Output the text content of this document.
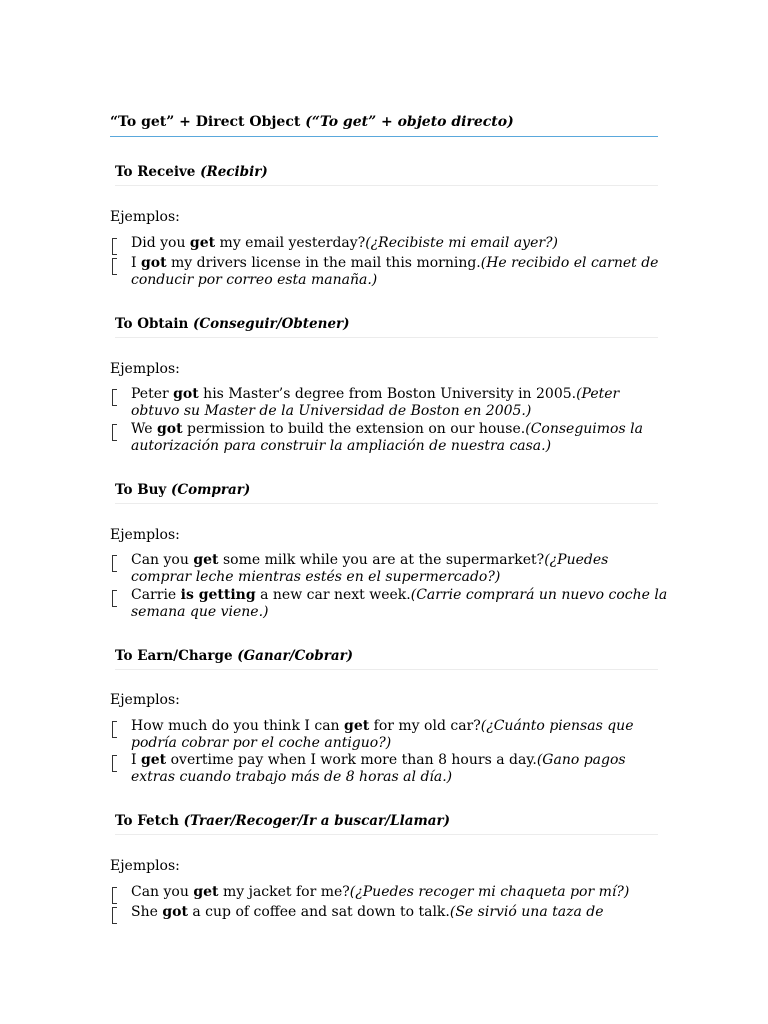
“To get” + Direct Object (“To get” + objeto directo)
To Receive (Recibir)
Ejemplos:
Did you get my email yesterday?(¿Recibiste mi email ayer?)
I got my drivers license in the mail this morning.(He recibido el carnet de conducir por correo esta manaña.)
To Obtain (Conseguir/Obtener)
Ejemplos:
Peter got his Master’s degree from Boston University in 2005.(Peter obtuvo su Master de la Universidad de Boston en 2005.)
We got permission to build the extension on our house.(Conseguimos la autorización para construir la ampliación de nuestra casa.)
To Buy (Comprar)
Ejemplos:
Can you get some milk while you are at the supermarket?(¿Puedes comprar leche mientras estés en el supermercado?)
Carrie is getting a new car next week.(Carrie comprará un nuevo coche la semana que viene.)
To Earn/Charge (Ganar/Cobrar)
Ejemplos:
How much do you think I can get for my old car?(¿Cuánto piensas que podría cobrar por el coche antiguo?)
I get overtime pay when I work more than 8 hours a day.(Gano pagos extras cuando trabajo más de 8 horas al día.)
To Fetch (Traer/Recoger/Ir a buscar/Llamar)
Ejemplos:
Can you get my jacket for me?(¿Puedes recoger mi chaqueta por mí?)
She got a cup of coffee and sat down to talk.(Se sirvió una taza de
